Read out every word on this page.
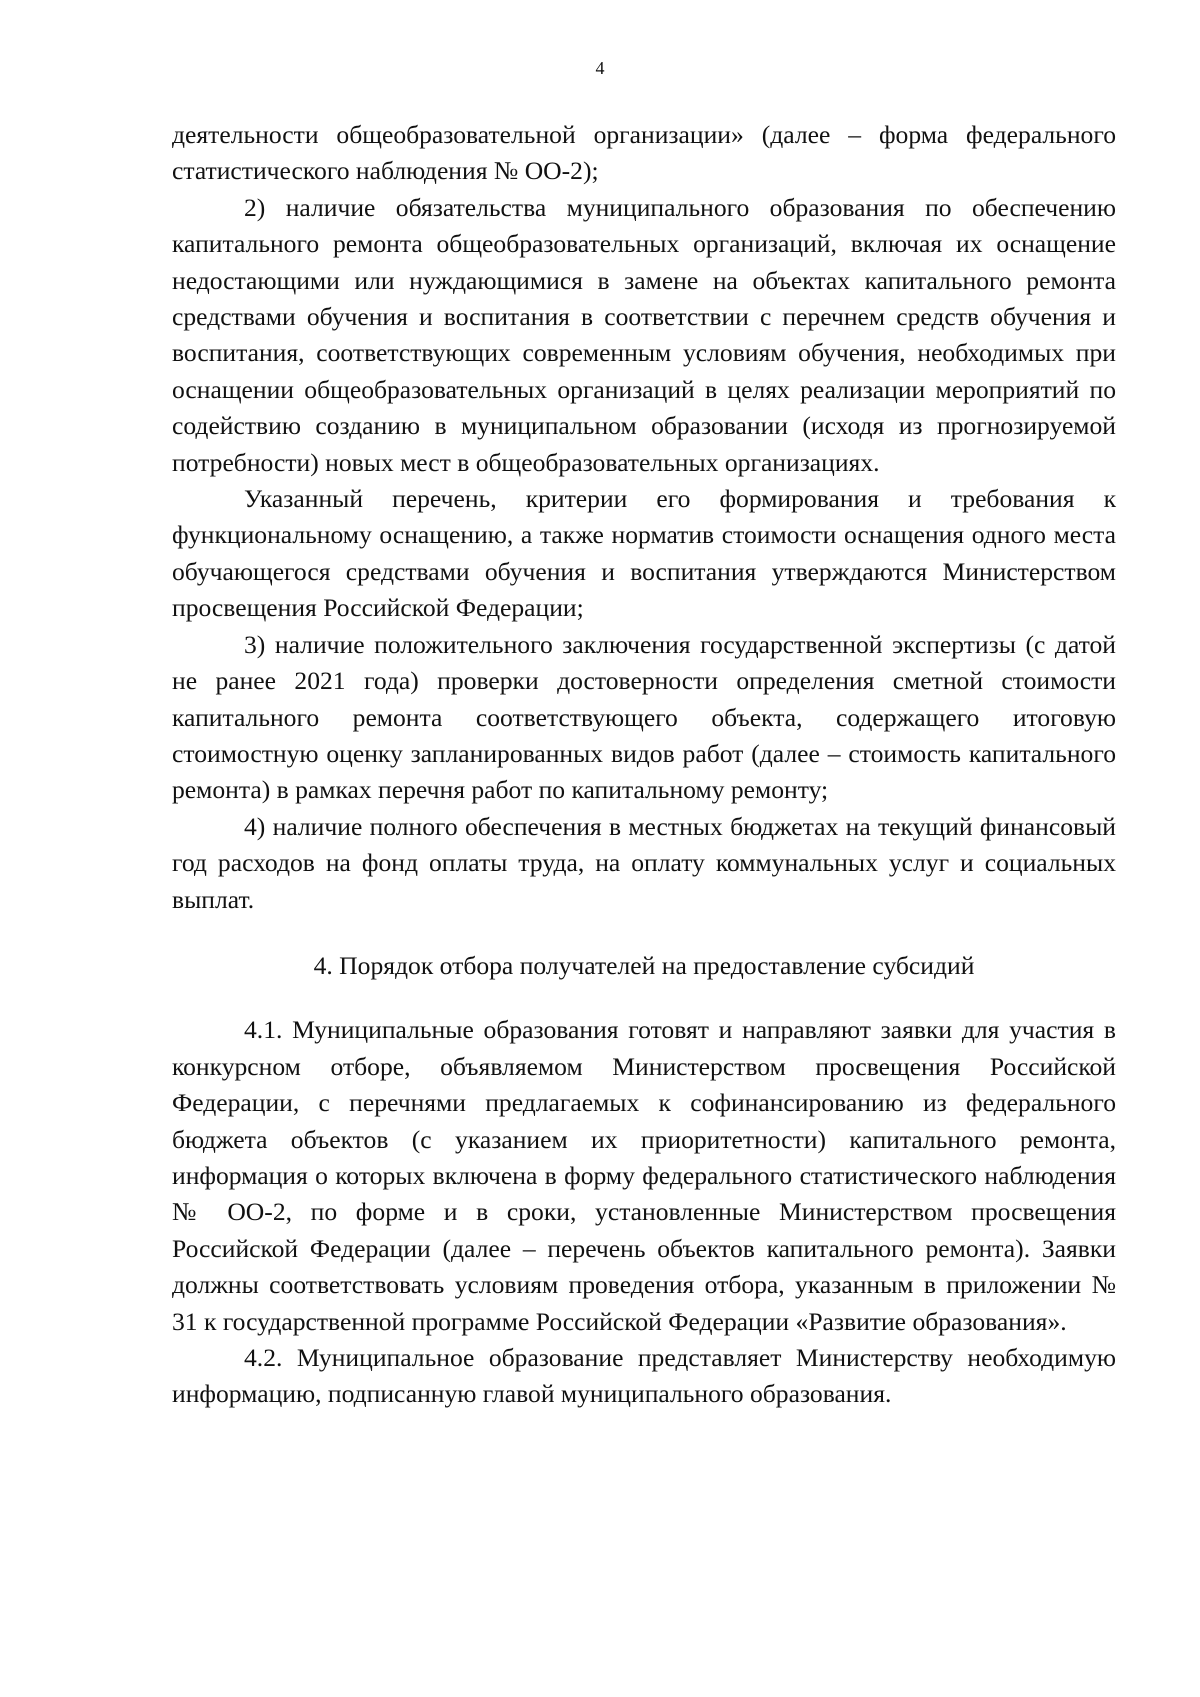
4

деятельности общеобразовательной организации» (далее – форма федерального статистического наблюдения № ОО-2);

2) наличие обязательства муниципального образования по обеспечению капитального ремонта общеобразовательных организаций, включая их оснащение недостающими или нуждающимися в замене на объектах капитального ремонта средствами обучения и воспитания в соответствии с перечнем средств обучения и воспитания, соответствующих современным условиям обучения, необходимых при оснащении общеобразовательных организаций в целях реализации мероприятий по содействию созданию в муниципальном образовании (исходя из прогнозируемой потребности) новых мест в общеобразовательных организациях.

Указанный перечень, критерии его формирования и требования к функциональному оснащению, а также норматив стоимости оснащения одного места обучающегося средствами обучения и воспитания утверждаются Министерством просвещения Российской Федерации;

3) наличие положительного заключения государственной экспертизы (с датой не ранее 2021 года) проверки достоверности определения сметной стоимости капитального ремонта соответствующего объекта, содержащего итоговую стоимостную оценку запланированных видов работ (далее – стоимость капитального ремонта) в рамках перечня работ по капитальному ремонту;

4) наличие полного обеспечения в местных бюджетах на текущий финансовый год расходов на фонд оплаты труда, на оплату коммунальных услуг и социальных выплат.

4. Порядок отбора получателей на предоставление субсидий

4.1. Муниципальные образования готовят и направляют заявки для участия в конкурсном отборе, объявляемом Министерством просвещения Российской Федерации, с перечнями предлагаемых к софинансированию из федерального бюджета объектов (с указанием их приоритетности) капитального ремонта, информация о которых включена в форму федерального статистического наблюдения № ОО-2, по форме и в сроки, установленные Министерством просвещения Российской Федерации (далее – перечень объектов капитального ремонта). Заявки должны соответствовать условиям проведения отбора, указанным в приложении № 31 к государственной программе Российской Федерации «Развитие образования».

4.2. Муниципальное образование представляет Министерству необходимую информацию, подписанную главой муниципального образования.
